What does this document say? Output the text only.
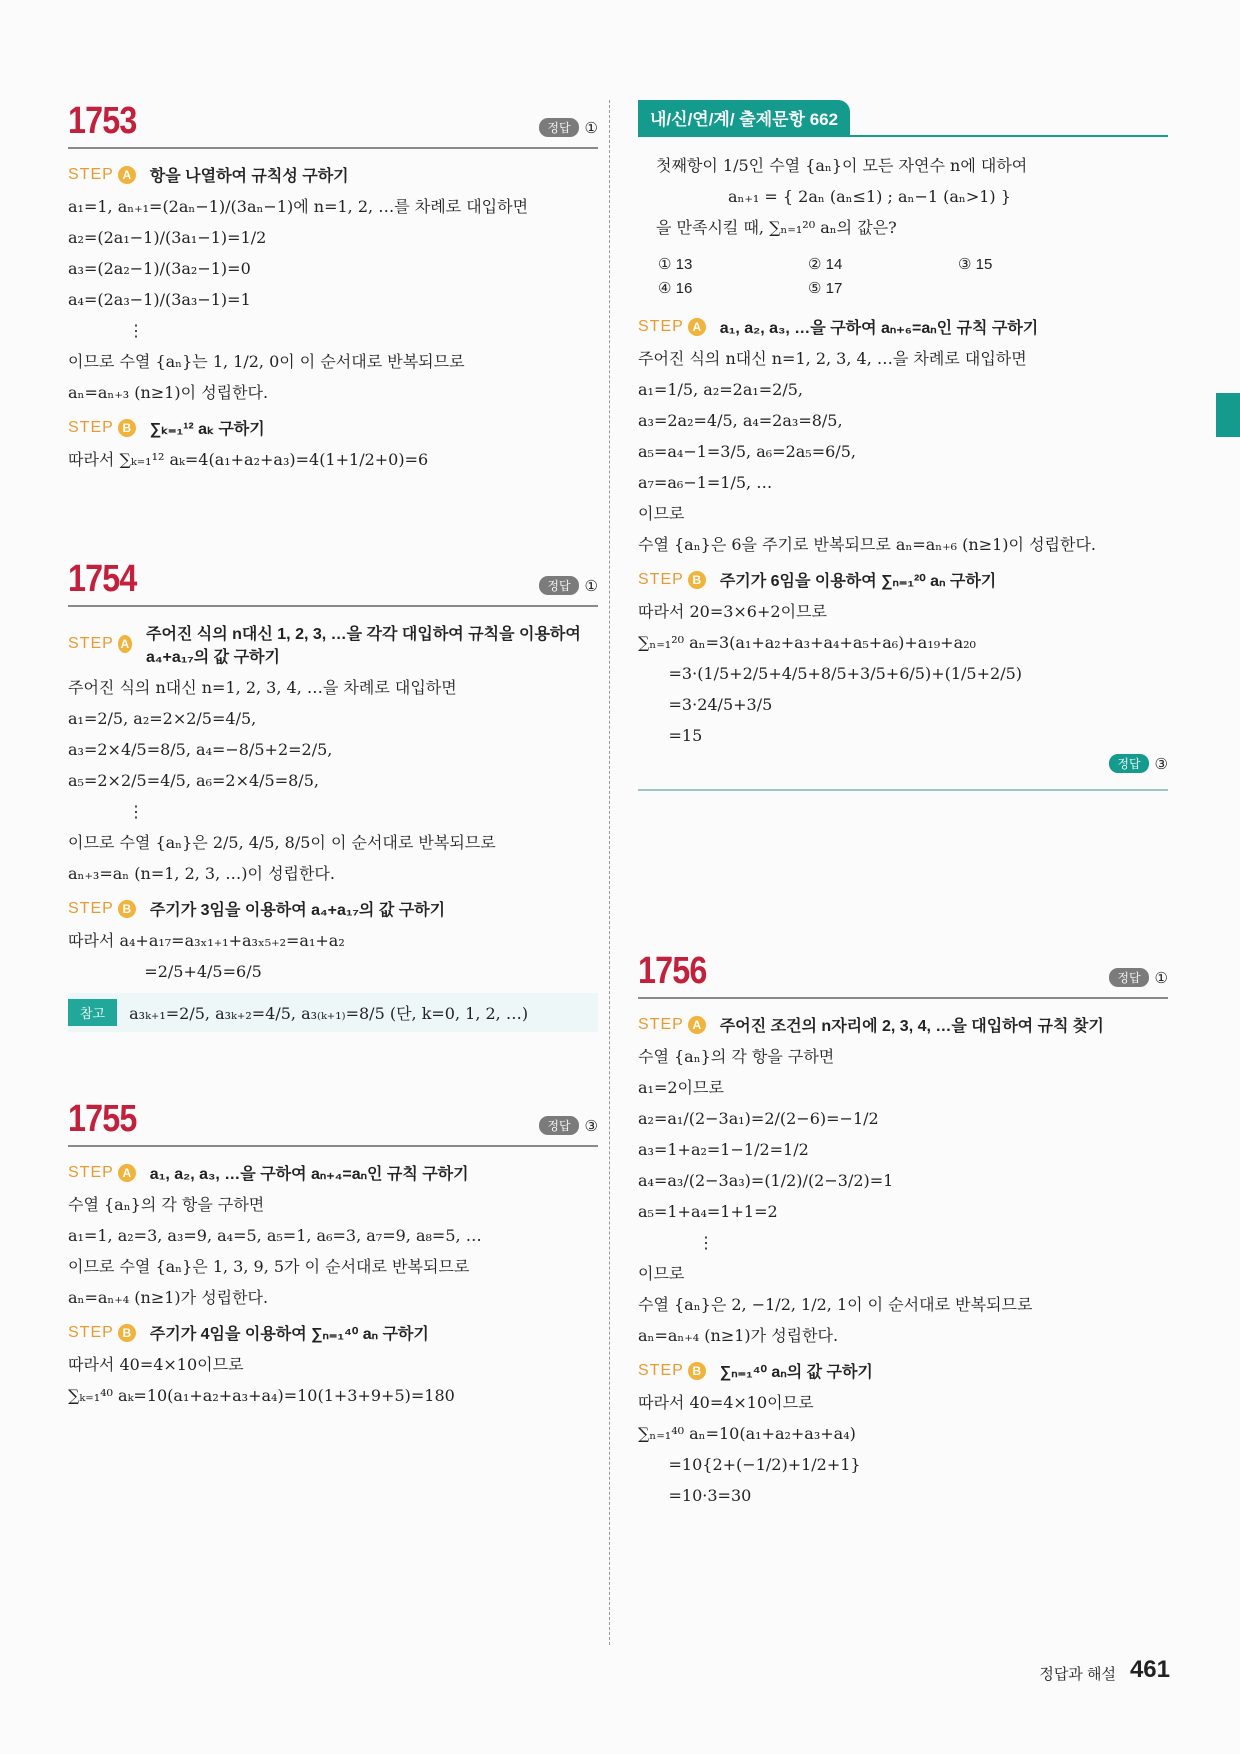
1753	정답 ①
STEP A 항을 나열하여 규칙성 구하기
a₁=1, aₙ₊₁=(2aₙ−1)/(3aₙ−1)에 n=1, 2, …를 차례로 대입하면
a₂=(2a₁−1)/(3a₁−1)=1/2
a₃=(2a₂−1)/(3a₂−1)=0
a₄=(2a₃−1)/(3a₃−1)=1
⋮
이므로 수열 {aₙ}는 1, 1/2, 0이 이 순서대로 반복되므로
aₙ=aₙ₊₃ (n≥1)이 성립한다.
STEP B ∑ₖ₌₁¹² aₖ 구하기
따라서 ∑ₖ₌₁¹² aₖ=4(a₁+a₂+a₃)=4(1+1/2+0)=6
1754	정답 ①
STEP A
주어진 식의 n대신 1, 2, 3, …을 각각 대입하여 규칙을 이용하여 a₄+a₁₇의 값 구하기
주어진 식의 n대신 n=1, 2, 3, 4, …을 차례로 대입하면
a₁=2/5, a₂=2×2/5=4/5,
a₃=2×4/5=8/5, a₄=−8/5+2=2/5,
a₅=2×2/5=4/5, a₆=2×4/5=8/5,
⋮
이므로 수열 {aₙ}은 2/5, 4/5, 8/5이 이 순서대로 반복되므로
aₙ₊₃=aₙ (n=1, 2, 3, …)이 성립한다.
STEP B 주기가 3임을 이용하여 a₄+a₁₇의 값 구하기
따라서 a₄+a₁₇=a₃ₓ₁₊₁+a₃ₓ₅₊₂=a₁+a₂
=2/5+4/5=6/5
참고	a₃ₖ₊₁=2/5, a₃ₖ₊₂=4/5, a₃₍ₖ₊₁₎=8/5 (단, k=0, 1, 2, …)
1755	정답 ③
STEP A a₁, a₂, a₃, …을 구하여 aₙ₊₄=aₙ인 규칙 구하기
수열 {aₙ}의 각 항을 구하면
a₁=1, a₂=3, a₃=9, a₄=5, a₅=1, a₆=3, a₇=9, a₈=5, …
이므로 수열 {aₙ}은 1, 3, 9, 5가 이 순서대로 반복되므로
aₙ=aₙ₊₄ (n≥1)가 성립한다.
STEP B 주기가 4임을 이용하여 ∑ₙ₌₁⁴⁰ aₙ 구하기
따라서 40=4×10이므로
∑ₖ₌₁⁴⁰ aₖ=10(a₁+a₂+a₃+a₄)=10(1+3+9+5)=180
내/신/연/계/ 출제문항 662
첫째항이 1/5인 수열 {aₙ}이 모든 자연수 n에 대하여
aₙ₊₁ = { 2aₙ (aₙ≤1) ; aₙ−1 (aₙ>1) }
을 만족시킬 때, ∑ₙ₌₁²⁰ aₙ의 값은?
① 13	② 14	③ 15
④ 16	⑤ 17
STEP A a₁, a₂, a₃, …을 구하여 aₙ₊₆=aₙ인 규칙 구하기
주어진 식의 n대신 n=1, 2, 3, 4, …을 차례로 대입하면
a₁=1/5, a₂=2a₁=2/5,
a₃=2a₂=4/5, a₄=2a₃=8/5,
a₅=a₄−1=3/5, a₆=2a₅=6/5,
a₇=a₆−1=1/5, …
이므로
수열 {aₙ}은 6을 주기로 반복되므로 aₙ=aₙ₊₆ (n≥1)이 성립한다.
STEP B 주기가 6임을 이용하여 ∑ₙ₌₁²⁰ aₙ 구하기
따라서 20=3×6+2이므로
∑ₙ₌₁²⁰ aₙ=3(a₁+a₂+a₃+a₄+a₅+a₆)+a₁₉+a₂₀
=3·(1/5+2/5+4/5+8/5+3/5+6/5)+(1/5+2/5)
=3·24/5+3/5
=15
정답 ③
1756	정답 ①
STEP A 주어진 조건의 n자리에 2, 3, 4, …을 대입하여 규칙 찾기
수열 {aₙ}의 각 항을 구하면
a₁=2이므로
a₂=a₁/(2−3a₁)=2/(2−6)=−1/2
a₃=1+a₂=1−1/2=1/2
a₄=a₃/(2−3a₃)=(1/2)/(2−3/2)=1
a₅=1+a₄=1+1=2
⋮
이므로
수열 {aₙ}은 2, −1/2, 1/2, 1이 이 순서대로 반복되므로
aₙ=aₙ₊₄ (n≥1)가 성립한다.
STEP B ∑ₙ₌₁⁴⁰ aₙ의 값 구하기
따라서 40=4×10이므로
∑ₙ₌₁⁴⁰ aₙ=10(a₁+a₂+a₃+a₄)
=10{2+(−1/2)+1/2+1}
=10·3=30
정답과 해설 461
